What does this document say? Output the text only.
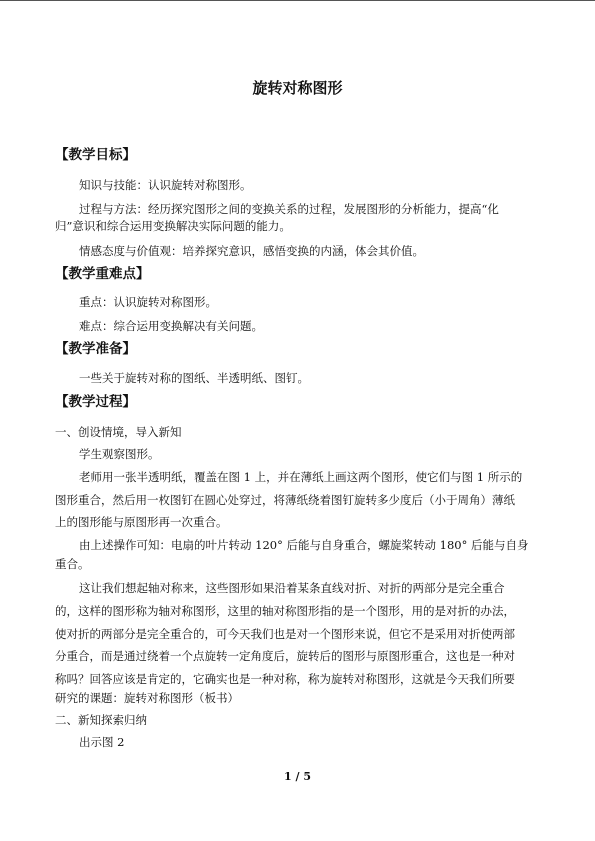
旋转对称图形
【教学目标】

知识与技能：认识旋转对称图形。

过程与方法：经历探究图形之间的变换关系的过程，发展图形的分析能力，提高“化

归”意识和综合运用变换解决实际问题的能力。

情感态度与价值观：培养探究意识，感悟变换的内涵，体会其价值。

【教学重难点】

重点：认识旋转对称图形。

难点：综合运用变换解决有关问题。

【教学准备】

一些关于旋转对称的图纸、半透明纸、图钉。

【教学过程】

一、创设情境，导入新知

学生观察图形。

老师用一张半透明纸，覆盖在图 1 上，并在薄纸上画这两个图形，使它们与图 1 所示的

图形重合，然后用一枚图钉在圆心处穿过，将薄纸绕着图钉旋转多少度后（小于周角）薄纸

上的图形能与原图形再一次重合。

由上述操作可知：电扇的叶片转动 120° 后能与自身重合，螺旋桨转动 180° 后能与自身

重合。

这让我们想起轴对称来，这些图形如果沿着某条直线对折、对折的两部分是完全重合

的，这样的图形称为轴对称图形，这里的轴对称图形指的是一个图形，用的是对折的办法，

使对折的两部分是完全重合的，可今天我们也是对一个图形来说，但它不是采用对折使两部

分重合，而是通过绕着一个点旋转一定角度后，旋转后的图形与原图形重合，这也是一种对

称吗？回答应该是肯定的，它确实也是一种对称，称为旋转对称图形，这就是今天我们所要

研究的课题：旋转对称图形（板书）

二、新知探索归纳

出示图 2

1 / 5
